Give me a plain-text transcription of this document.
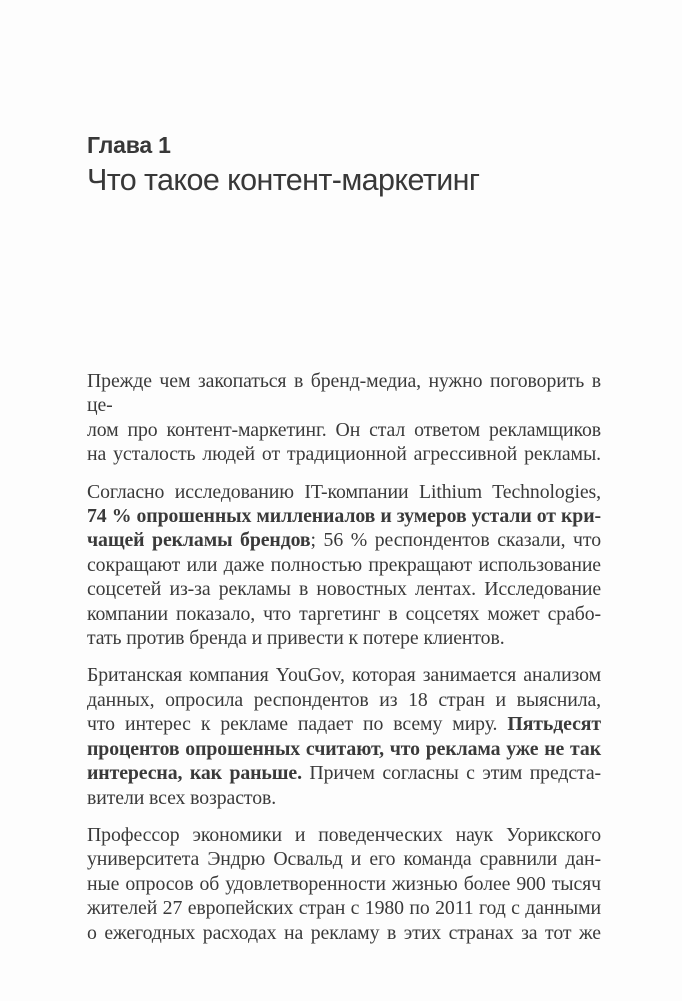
Глава 1
Что такое контент-маркетинг
Прежде чем закопаться в бренд-медиа, нужно поговорить в це-
лом про контент-маркетинг. Он стал ответом рекламщиков
на усталость людей от традиционной агрессивной рекламы.
Согласно исследованию IT-компании Lithium Technologies,
74 % опрошенных миллениалов и зумеров устали от кри-
чащей рекламы брендов; 56 % респондентов сказали, что
сокращают или даже полностью прекращают использование
соцсетей из-за рекламы в новостных лентах. Исследование
компании показало, что таргетинг в соцсетях может срабо-
тать против бренда и привести к потере клиентов.
Британская компания YouGov, которая занимается анализом
данных, опросила респондентов из 18 стран и выяснила,
что интерес к рекламе падает по всему миру. Пятьдесят
процентов опрошенных считают, что реклама уже не так
интересна, как раньше. Причем согласны с этим предста-
вители всех возрастов.
Профессор экономики и поведенческих наук Уорикского
университета Эндрю Освальд и его команда сравнили дан-
ные опросов об удовлетворенности жизнью более 900 тысяч
жителей 27 европейских стран с 1980 по 2011 год с данными
о ежегодных расходах на рекламу в этих странах за тот же
